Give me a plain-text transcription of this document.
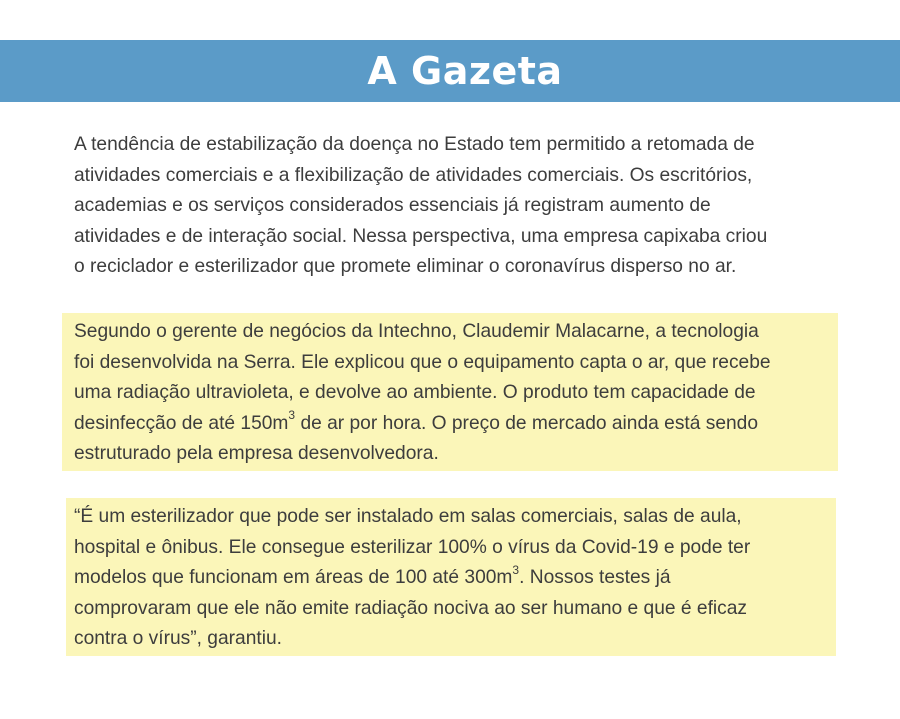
A Gazeta
A tendência de estabilização da doença no Estado tem permitido a retomada de
atividades comerciais e a flexibilização de atividades comerciais. Os escritórios,
academias e os serviços considerados essenciais já registram aumento de
atividades e de interação social. Nessa perspectiva, uma empresa capixaba criou
o reciclador e esterilizador que promete eliminar o coronavírus disperso no ar.
Segundo o gerente de negócios da Intechno, Claudemir Malacarne, a tecnologia
foi desenvolvida na Serra. Ele explicou que o equipamento capta o ar, que recebe
uma radiação ultravioleta, e devolve ao ambiente. O produto tem capacidade de
desinfecção de até $150m^3$ de ar por hora. O preço de mercado ainda está sendo
estruturado pela empresa desenvolvedora.
“É um esterilizador que pode ser instalado em salas comerciais, salas de aula,
hospital e ônibus. Ele consegue esterilizar 100% o vírus da Covid-19 e pode ter
modelos que funcionam em áreas de 100 até $300m^3$. Nossos testes já
comprovaram que ele não emite radiação nociva ao ser humano e que é eficaz
contra o vírus”, garantiu.
